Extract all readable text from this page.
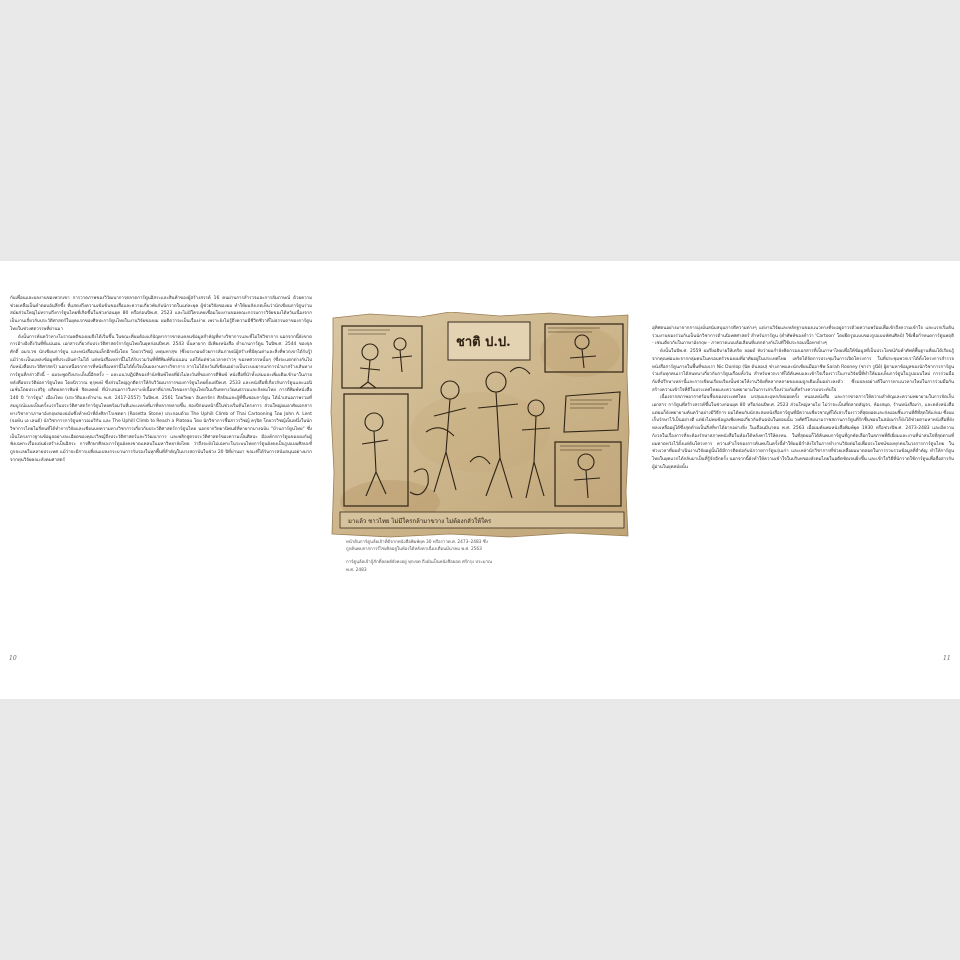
กับเพื่อนและผลงานของพวกเขา การวาดภาพของวิวัฒนาการตลาดการ์ตูนอิสระและสินค้าของผู้สร้างสรรค์ 16 คนผ่านการสำรวจและการสัมภาษณ์ ด้วยความช่วยเหลือเป็นคำตอบอันลึกซึ้ง ที่แสดงถึงความเข้มข้นของสื่อและความเกี่ยวพันกับนักวาดในแต่ละยุค ผู้ช่วยวิจัยของผม ทำให้ผมสังเกตเห็นว่านักเขียนการ์ตูนร่วมสมัยส่วนใหญ่ไม่ทราบถึงการ์ตูนไทยที่เกิดขึ้นในช่วงก่อนยุค 80 หรือก่อนปีพ.ศ. 2523 และไม่มีใครเคยเชื่อมโยงงานของคณะกรรมการวิจัยของไต้หวันเนื่องจากเป็นงานเกี่ยวกับประวัติศาสตร์ในยุคแรกของศิลปะการ์ตูนไทยในงานวิจัยของผม ผมติดว่าจะเป็นเรื่องง่าย เพราะยังไม่รู้ถึงความมีชีวิตชีวาที่ไม่ธรรมดาของการ์ตูนไทยในช่วงศตวรรษที่ผ่านมา

ดังนั้นการค้นคว้าทางโบราณคดีของผมจึงได้เริ่มขึ้น ในขณะที่ผมต้องแก้ปัญหาการขาดแคลนข้อมูลสำคัญที่ทางวิชาการและที่ไม่ใช่วิชาการ นอกจากนี้ยังขาดการอ้างอิงถึงวันที่ที่แน่นอน เอกสารเกี่ยวกับประวัติศาสตร์การ์ตูนไทยในยุคก่อนปีพ.ศ. 2543 นั้นหายาก มีเพียงหนังสือ ตำนานการ์ตูน ในปีพ.ศ. 2544 ของจุลศักดิ์ อมรเวช นักเขียนการ์ตูน และหนังสือเล่มเล็กอีกหนึ่งโดย โดยวรวิชญ์ เหตุมหาสุข (ซึ่งประกอบด้วยการสัมภาษณ์ผู้สร้างที่มีคุณค่าและสิ่งที่พวกเขาได้รับรู้) แม้ว่าจะเป็นแหล่งข้อมูลที่ประเมินค่าไม่ได้ แต่หนังสือเหล่านี้ไม่ได้รับรวมวันที่ที่ตีพิมพ์ที่แน่นอน แต่ให้แต่ช่วงเวลาคร่าวๆ ของทศวรรษนั้นๆ (ซึ่งจะแตกต่างกันไปกับหนังสือประวัติศาสตร์) นอกเหนือจากการที่หนังสือเหล่านี้ไม่ได้ตั้งใจเป็นผลงานทางวิชาการ การไม่ได้ลงวันที่เขียนอย่างเป็นระบบยากแก่การนำมาสร้างเส้นทางการ์ตูนที่กล่าวถึงนี้ – ผมจะพูดถึงประเด็นนี้อีกครั้ง – และแนวปฏิบัติของสำนักพิมพ์ไทยที่ยังไม่ลงวันที่ของการตีพิมพ์ หนังสือที่นำทั้งเล่มและเพิ่มเติมเข้ามาในภายหลังคือประวัติย่อการ์ตูนไทย โดยนิรวาณ คุรุพงษ์ ซึ่งส่วนใหญ่ถูกตีตราให้กับวิวัฒนาการของการ์ตูนไทยตั้งแต่ปีพ.ศ. 2533 และหนังสือที่เกี่ยวกับการ์ตูนและแอนิเมชั่นโดยประเสริฐ ผลิตผลการพิมพ์ จิตแพทย์ ที่นำเสนอการวิเคราะห์เนื้อหาที่น่าสนใจของการ์ตูนไทยในบริบททางวัฒนธรรมและสังคมไทย การดีพิมพ์หนังสือ 140 ปี "การ์ตูน" เมืองไทย (ประวัติและตำนาน พ.ศ. 2417-2557) ในปีพ.ศ. 2561 โดยวิทยา อินทรจักร ศิลปินและผู้ที่ชื่นชอบการ์ตูน ได้นำเสนอภาพรวมที่สมบูรณ์แบบเป็นครั้งแรกในประวัติศาสตร์การ์ตูนไทยพร้อมวันที่และแหล่งที่มาที่หลากหลายขึ้น สองปีก่อนหน้านี้ในช่วงเริ่มต้นโครงการ ส่วนใหญ่ผมอาศัยเอกสารทางวิชาการภาษาอังกฤษสองฉบับซึ่งทำหน้าที่ดั่งศิลาโรเซตตา (Rosetta Stone) ประกอบด้วย The Uphill Climb of Thai Cartooning โดย John A. Lent (จอห์น เอ เลนต์) นักวิชาการการ์ตูนชาวอเมริกัน และ The Uphill Climb to Reach a Plateau โดย นักวิชาการชื่อสาวรวิชญ์ ครุปิต โดยวรวิชญ์เป็นหนึ่งในนักวิชาการไทยไม่กี่คนที่ได้ทำการวิจัยและเขียนบทความทางวิชาการเกี่ยวกับประวัติศาสตร์การ์ตูนไทย นอกจากวิทยานิพนธ์ที่หายากบางฉบับ "บ้านการ์ตูนไทย" ซึ่งเป็นโครงการฐานข้อมูลอย่างละเอียดของคุณรวิชญ์ถึงประวัติศาสตร์และวิวัฒนาการ และพลิกสูตรประวัติศาสตร์ของความเป็นศิลปะ มีองค์กรการ์ตูนของผมกับผู้ฟังเฉพาะเรื่องเด่นยังสร้างเป็นอิสระ การศึกษาศิลปะการ์ตูนยังคงขาดแคลนในมหาวิทยาลัยไทย ว่าถึงจะยังไม่เฉพาะในระบบไทยการ์ตูนยังคงเป็นรูปแบบศิลปะที่ถูกละเลยในหลายประเทศ แม้ว่าจะมีการเปลี่ยนแปลงกระบวนการรับรองในทุกพื้นที่สำคัญในบางสถาบันในช่วง 20 ปีที่ผ่านมา ขณะที่ได้รับการสนับสนุนอย่างมากจากทุนวิจัยคณะสังคมศาสตร์

ชาติ ป.ป.
มาแล้ว ชาวไทย ไม่มีใครกล้ามาขวาง ไม่ต้องกลัวให้ใคร

หน้าต้นการ์ตูนล้อเจ้าที่ตีจากหนังสือพิมพ์ยุค 30 หรือราวพ.ศ. 2473–2483 ซึ่งถูกค้นพบจากการรีไซเคิลอยู่ในห้องใต้หลังคาเนื่องเดือนมีนาคม พ.ศ. 2563

การ์ตูนล้อเจ้ากู้ภักดิ์ลอยด์ยังคงอยู่ ทุกเขต ถึงมันเป็นหนังสือยอด ศรีกรุง ประมาณ พ.ศ. 2483

อุทิศตนอย่างมาจากการมุ่งมั่นสนับสนุนการตีความต่างๆ แต่งานวิจัยและหลักฐานของแนวทางที่จะอยู่ถาวรด้วยความพร้อมเพื่อเข้าถึงความเข้าใจ และแรกเริ่มต้นร่วมงานของร่วมกันเป็นนักวิชาการด้านนิเทศศาสตร์ สำหรับการ์ตูน (คำศัพท์ของคำว่า 'Cartoon' โดยยึดรูปแบบของรูปแบบทัศนศิลป์) ใช้เพื่อกำหนดการ์ตูนพฤติ - เช่นเดียวกับในภาษาอังกฤษ - ภาพวาดแบบล้อเลียนที่แตกต่างกันไปที่ใช้ประกอบเนื้อหาต่างๆ

ดังนั้นในปีพ.ศ. 2559 ผมจึงอธิบายให้เคริด ลอยด์ ฟังว่าผมกำลังคิดกรองเอกสารที่เป็นภาษาไทยเพื่อให้ข้อมูลที่เป็นประโยชน์กับคำศัพท์พื้นฐานที่ผมได้เรียนรู้จากคุณพ่อและจากกลุ่มคนในครอบครัวของผมที่อาศัยอยู่ในประเทศไทย เคริดได้จัดการประชุมในการเปิดโครงการ ในที่ประชุมพวกเราได้ตั้งโครงการสำรวจหนังสือการ์ตูนภายในพื้นที่ของเรา Nic Dunlop (นิค ดันลอป) ช่างภาพและนักเขียนมืออาชีพ Sarah Rooney (ซาร่า รูนีย์) ผู้ตามหาข้อมูลของนักวิชาการการ์ตูน ร่วมกับทุกคนเราได้สนทนาเกี่ยวกับการ์ตูนเกือบทั้งวัน สำหรับพวกเราที่ได้ค้นพบและเข้าใจเรื่องราวในงานวิจัยนี้ที่ทำให้มองเห็นการ์ตูนในรูปแบบใหม่ การร่วมมือกับที่ปรึกษาเหล่านี้และการเขียนเรียบเรียงนั้นช่วยให้งานวิจัยที่หลากหลายของผมถูกเติมเต็มอย่างลงตัว ซึ่งแปลงอย่างดีในการหาแนวทางใหม่ในการร่วมมือกันสร้างความเข้าใจที่ดีในประเทศไทยและความพยายามในการเล่าเรื่องร่วมกันที่สร้างความประทับใจ

เนื่องจากสภาพอากาศร้อนชื้นของประเทศไทย มรสุมและอุทกภัยบ่อยครั้ง หนอนหนังสือ และการขาดการให้ความสำคัญและความพยายามในการจัดเก็บเอกสาร การ์ตูนที่สร้างสรรค์ขึ้นในช่วงก่อนยุค 80 หรือก่อนปีพ.ศ. 2523 ส่วนใหญ่หายไป ไม่ว่าจะเป็นที่ตลาดสัญจร, ห้องสมุด, ร้านหนังสือเก่า, และคลังหนังสือ แต่ผมก็ยังพยายามค้นคว้าอย่างมีวิธีการ ผมได้พบกับนักสะสมหนังสือการ์ตูนที่มีความเชี่ยวชาญที่ได้เล่าเรื่องราวที่สุดยอดและส่งมอบชิ้นงานที่ดีที่สุดให้แก่ผม ซึ่งผมเก็บรักษาไว้เป็นอย่างดี แต่ยังไม่พบข้อมูลเพียงพอเกี่ยวกับต้นฉบับในตอนนั้น วงศ์ศรีโสมนามราชสถานการ์ตูนที่รักชื่นชอบในสมัยเก่าก็ยังได้ช่วยตามหาหนังสือที่ยังหลงเหลืออยู่ได้ซึ่งสุดท้ายเป็นสิ่งที่หาได้ยากอย่างยิ่ง ในเดือนมีนาคม พ.ศ. 2563 เมื่อผมค้นพบหนังสือพิมพ์ยุค 1930 หรือช่วงปีพ.ศ. 2473-2483 และมีความกังวลในเรื่องการที่จะต้องรักษาสภาพหนังสือในห้องใต้หลังคาไว้ให้คงทน ในที่สุดผมก็ได้ค้นพบการ์ตูนที่ถูกคัดเลือกในสภาพที่ดีเยี่ยมและงานที่น่าสนใจที่สุดตามที่ผมคาดหวังไว้ตั้งแต่ต้นโครงการ ความสำเร็จของการค้นพบในครั้งนี้ทำให้ผมมีกำลังใจในการทำงานวิจัยต่อไปเพื่อประโยชน์ของทุกคนในวงการการ์ตูนไทย ในช่วงเวลาที่ผมดำเนินงานวิจัยอยู่นั้นได้มีการติดต่อกับนักวาดการ์ตูนรุ่นเก่า และเหล่านักวิชาการที่ช่วยเหลือผมมาตลอดในการรวบรวมข้อมูลที่สำคัญ ทำให้การ์ตูนไทยในยุคแรกได้กลับมาเป็นที่รู้จักอีกครั้ง นอกจากนี้ยังทำให้ความเข้าใจในบริบทของสังคมไทยในอดีตชัดเจนยิ่งขึ้น และเข้าใจวิธีที่นักวาดใช้การ์ตูนเพื่อสื่อสารกับผู้อ่านในยุคสมัยนั้น

10	11
